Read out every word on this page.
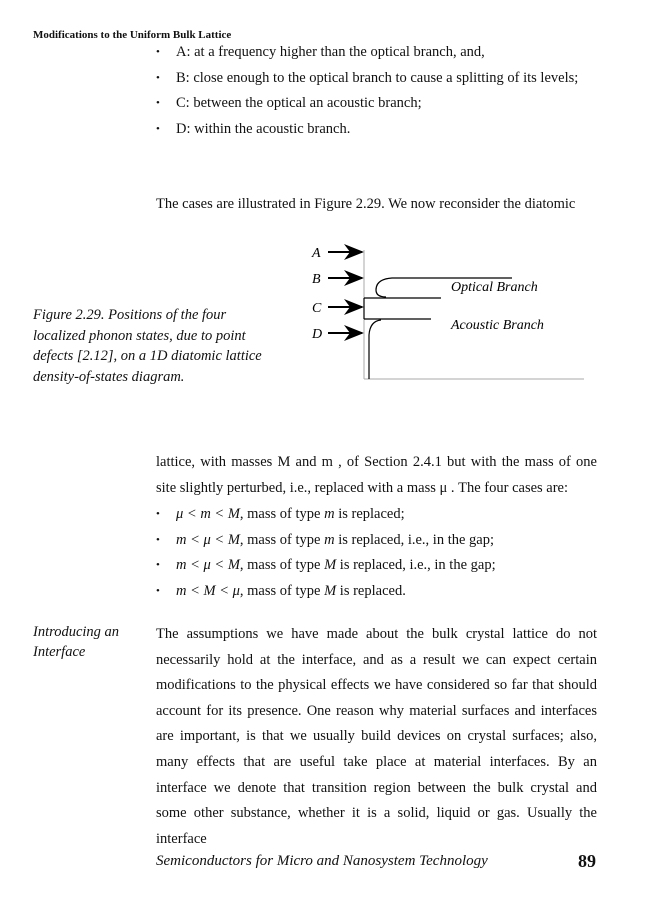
Modifications to the Uniform Bulk Lattice
• A: at a frequency higher than the optical branch, and,
• B: close enough to the optical branch to cause a splitting of its levels;
• C: between the optical an acoustic branch;
• D: within the acoustic branch.

The cases are illustrated in Figure 2.29. We now reconsider the diatomic

A
B
C
D
Optical Branch
Acoustic Branch
Figure 2.29. Positions of the four localized phonon states, due to point defects [2.12], on a 1D diatomic lattice density-of-states diagram.

lattice, with masses M and m , of Section 2.4.1 but with the mass of one site slightly perturbed, i.e., replaced with a mass μ . The four cases are:

• μ < m < M, mass of type m is replaced;
• m < μ < M, mass of type m is replaced, i.e., in the gap;
• m < μ < M, mass of type M is replaced, i.e., in the gap;
• m < M < μ, mass of type M is replaced.
Introducing an Interface

The assumptions we have made about the bulk crystal lattice do not necessarily hold at the interface, and as a result we can expect certain modifications to the physical effects we have considered so far that should account for its presence. One reason why material surfaces and interfaces are important, is that we usually build devices on crystal surfaces; also, many effects that are useful take place at material interfaces. By an interface we denote that transition region between the bulk crystal and some other substance, whether it is a solid, liquid or gas. Usually the interface

Semiconductors for Micro and Nanosystem Technology	89
